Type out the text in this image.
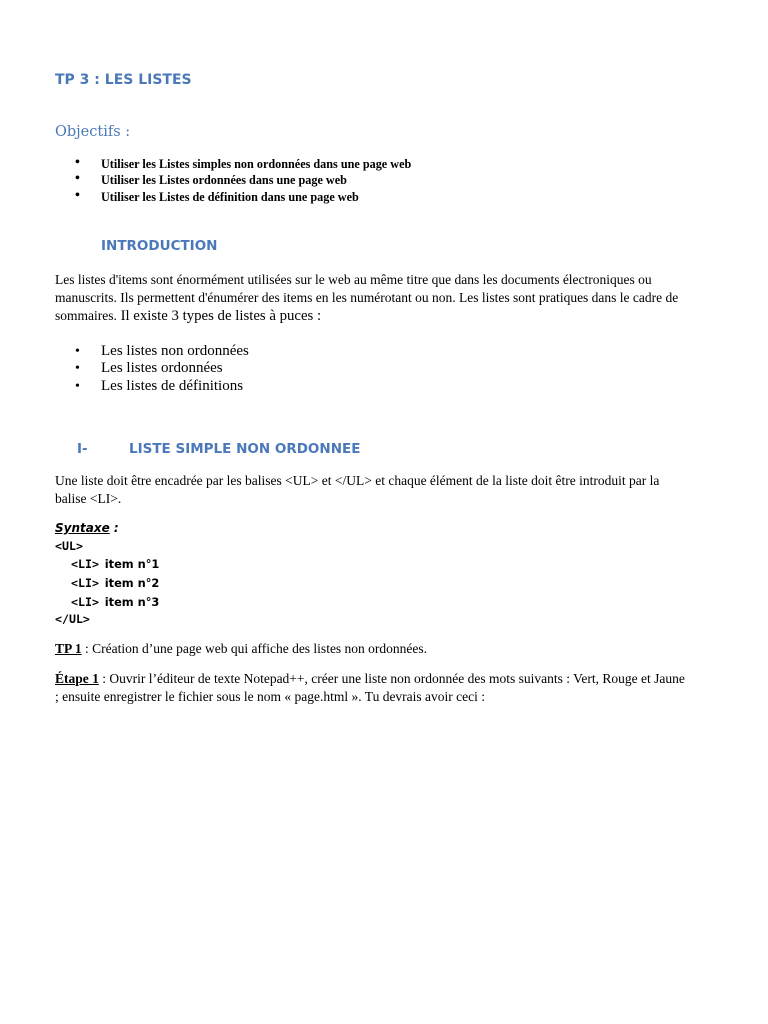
TP 3 : LES LISTES
Objectifs :
• Utiliser les Listes simples non ordonnées dans une page web
• Utiliser les Listes ordonnées dans une page web
• Utiliser les Listes de définition dans une page web
INTRODUCTION

Les listes d'items sont énormément utilisées sur le web au même titre que dans les documents électroniques ou manuscrits. Ils permettent d'énumérer des items en les numérotant ou non. Les listes sont pratiques dans le cadre de sommaires. Il existe 3 types de listes à puces :

• Les listes non ordonnées
• Les listes ordonnées
• Les listes de définitions
I-	LISTE SIMPLE NON ORDONNEE

Une liste doit être encadrée par les balises <UL> et </UL> et chaque élément de la liste doit être introduit par la balise <LI>.

Syntaxe :
<UL>
<LI> item n°1
<LI> item n°2
<LI> item n°3
</UL>

TP 1 : Création d’une page web qui affiche des listes non ordonnées.

Étape 1 : Ouvrir l’éditeur de texte Notepad++, créer une liste non ordonnée des mots suivants : Vert, Rouge et Jaune ; ensuite enregistrer le fichier sous le nom « page.html ». Tu devrais avoir ceci :
